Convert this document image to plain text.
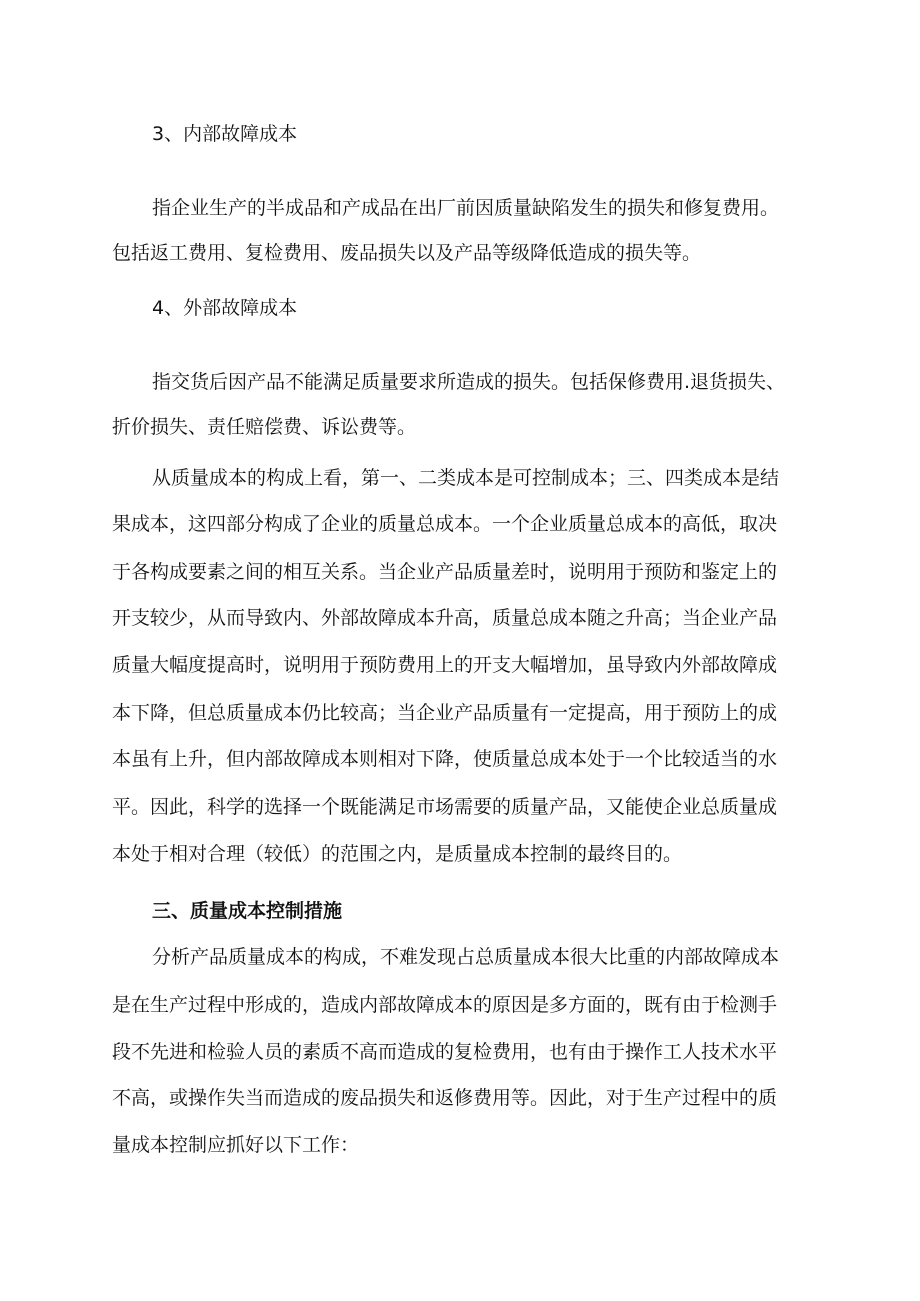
3、内部故障成本

指企业生产的半成品和产成品在出厂前因质量缺陷发生的损失和修复费用。

包括返工费用、复检费用、废品损失以及产品等级降低造成的损失等。

4、外部故障成本

指交货后因产品不能满足质量要求所造成的损失。包括保修费用.退货损失、

折价损失、责任赔偿费、诉讼费等。

从质量成本的构成上看，第一、二类成本是可控制成本；三、四类成本是结

果成本，这四部分构成了企业的质量总成本。一个企业质量总成本的高低，取决

于各构成要素之间的相互关系。当企业产品质量差时，说明用于预防和鉴定上的

开支较少，从而导致内、外部故障成本升高，质量总成本随之升高；当企业产品

质量大幅度提高时，说明用于预防费用上的开支大幅增加，虽导致内外部故障成

本下降，但总质量成本仍比较高；当企业产品质量有一定提高，用于预防上的成

本虽有上升，但内部故障成本则相对下降，使质量总成本处于一个比较适当的水

平。因此，科学的选择一个既能满足市场需要的质量产品，又能使企业总质量成

本处于相对合理（较低）的范围之内，是质量成本控制的最终目的。

三、质量成本控制措施

分析产品质量成本的构成，不难发现占总质量成本很大比重的内部故障成本

是在生产过程中形成的，造成内部故障成本的原因是多方面的，既有由于检测手

段不先进和检验人员的素质不高而造成的复检费用，也有由于操作工人技术水平

不高，或操作失当而造成的废品损失和返修费用等。因此，对于生产过程中的质

量成本控制应抓好以下工作：
